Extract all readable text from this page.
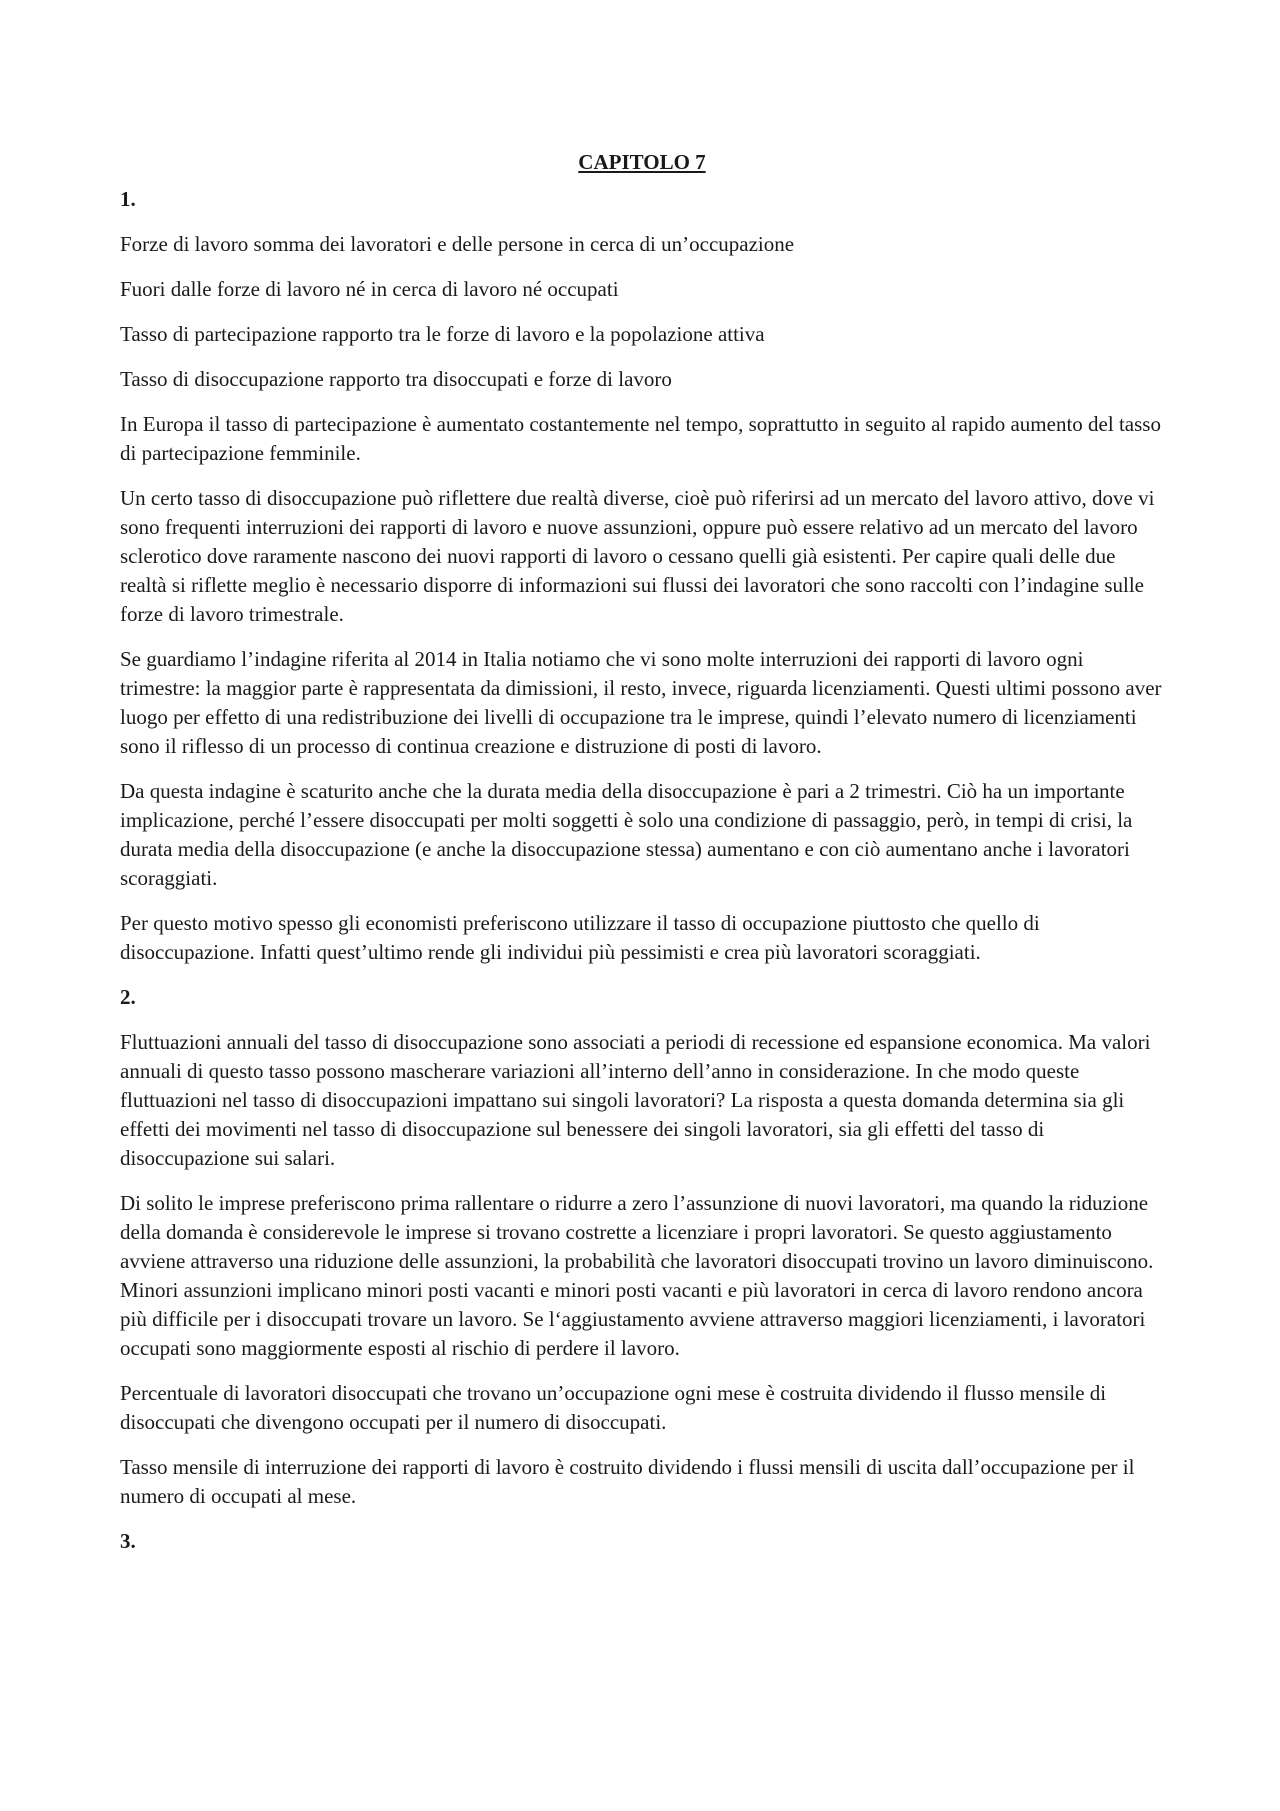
CAPITOLO 7
1.
Forze di lavoro somma dei lavoratori e delle persone in cerca di un’occupazione
Fuori dalle forze di lavoro né in cerca di lavoro né occupati
Tasso di partecipazione rapporto tra le forze di lavoro e la popolazione attiva
Tasso di disoccupazione rapporto tra disoccupati e forze di lavoro
In Europa il tasso di partecipazione è aumentato costantemente nel tempo, soprattutto in seguito al rapido aumento del tasso di partecipazione femminile.
Un certo tasso di disoccupazione può riflettere due realtà diverse, cioè può riferirsi ad un mercato del lavoro attivo, dove vi sono frequenti interruzioni dei rapporti di lavoro e nuove assunzioni, oppure può essere relativo ad un mercato del lavoro sclerotico dove raramente nascono dei nuovi rapporti di lavoro o cessano quelli già esistenti. Per capire quali delle due realtà si riflette meglio è necessario disporre di informazioni sui flussi dei lavoratori che sono raccolti con l’indagine sulle forze di lavoro trimestrale.
Se guardiamo l’indagine riferita al 2014 in Italia notiamo che vi sono molte interruzioni dei rapporti di lavoro ogni trimestre: la maggior parte è rappresentata da dimissioni, il resto, invece, riguarda licenziamenti. Questi ultimi possono aver luogo per effetto di una redistribuzione dei livelli di occupazione tra le imprese, quindi l’elevato numero di licenziamenti sono il riflesso di un processo di continua creazione e distruzione di posti di lavoro.
Da questa indagine è scaturito anche che la durata media della disoccupazione è pari a 2 trimestri. Ciò ha un importante implicazione, perché l’essere disoccupati per molti soggetti è solo una condizione di passaggio, però, in tempi di crisi, la durata media della disoccupazione (e anche la disoccupazione stessa) aumentano e con ciò aumentano anche i lavoratori scoraggiati.
Per questo motivo spesso gli economisti preferiscono utilizzare il tasso di occupazione piuttosto che quello di disoccupazione. Infatti quest’ultimo rende gli individui più pessimisti e crea più lavoratori scoraggiati.
2.
Fluttuazioni annuali del tasso di disoccupazione sono associati a periodi di recessione ed espansione economica. Ma valori annuali di questo tasso possono mascherare variazioni all’interno dell’anno in considerazione. In che modo queste fluttuazioni nel tasso di disoccupazioni impattano sui singoli lavoratori? La risposta a questa domanda determina sia gli effetti dei movimenti nel tasso di disoccupazione sul benessere dei singoli lavoratori, sia gli effetti del tasso di disoccupazione sui salari.
Di solito le imprese preferiscono prima rallentare o ridurre a zero l’assunzione di nuovi lavoratori, ma quando la riduzione della domanda è considerevole le imprese si trovano costrette a licenziare i propri lavoratori. Se questo aggiustamento avviene attraverso una riduzione delle assunzioni, la probabilità che lavoratori disoccupati trovino un lavoro diminuiscono. Minori assunzioni implicano minori posti vacanti e minori posti vacanti e più lavoratori in cerca di lavoro rendono ancora più difficile per i disoccupati trovare un lavoro. Se l‘aggiustamento avviene attraverso maggiori licenziamenti, i lavoratori occupati sono maggiormente esposti al rischio di perdere il lavoro.
Percentuale di lavoratori disoccupati che trovano un’occupazione ogni mese è costruita dividendo il flusso mensile di disoccupati che divengono occupati per il numero di disoccupati.
Tasso mensile di interruzione dei rapporti di lavoro è costruito dividendo i flussi mensili di uscita dall’occupazione per il numero di occupati al mese.
3.
